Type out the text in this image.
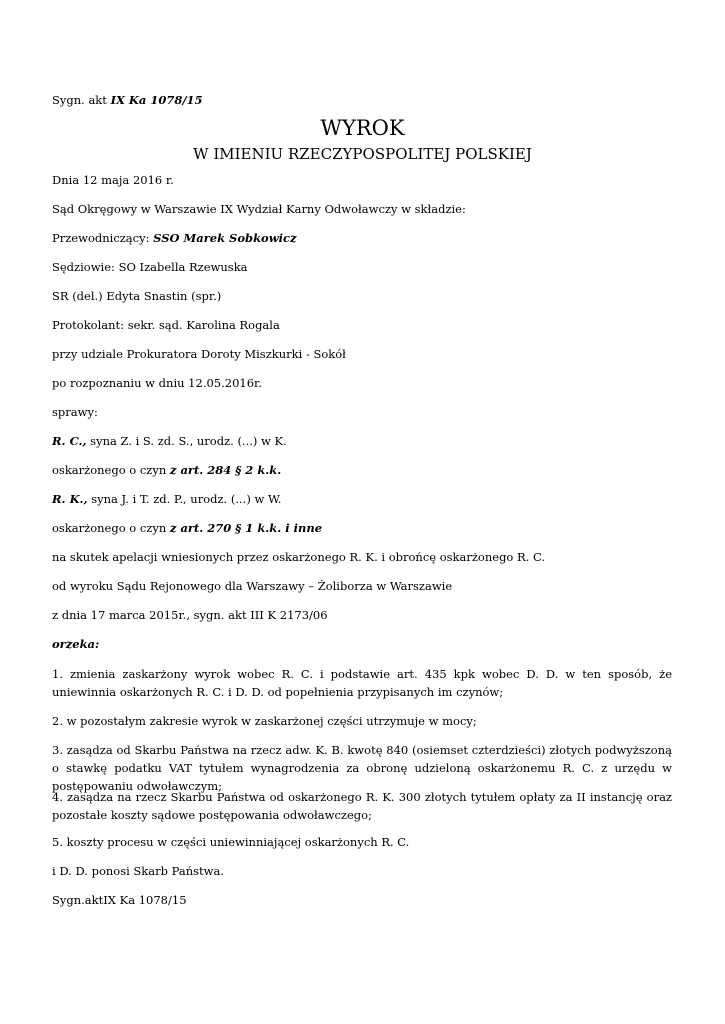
Sygn. akt IX Ka 1078/15
WYROK
W IMIENIU RZECZYPOSPOLITEJ POLSKIEJ
Dnia 12 maja 2016 r.
Sąd Okręgowy w Warszawie IX Wydział Karny Odwoławczy w składzie:
Przewodniczący: SSO Marek Sobkowicz
Sędziowie: SO Izabella Rzewuska
SR (del.) Edyta Snastin (spr.)
Protokolant: sekr. sąd. Karolina Rogala
przy udziale Prokuratora Doroty Miszkurki - Sokół
po rozpoznaniu w dniu 12.05.2016r.
sprawy:
R. C., syna Z. i S. zd. S., urodz. (...) w K.
oskarżonego o czyn z art. 284 § 2 k.k.
R. K., syna J. i T. zd. P., urodz. (...) w W.
oskarżonego o czyn z art. 270 § 1 k.k. i inne
na skutek apelacji wniesionych przez oskarżonego R. K. i obrońcę oskarżonego R. C.
od wyroku Sądu Rejonowego dla Warszawy – Żoliborza w Warszawie
z dnia 17 marca 2015r., sygn. akt III K 2173/06
orzeka:
1. zmienia zaskarżony wyrok wobec R. C. i podstawie art. 435 kpk wobec D. D. w ten sposób, że uniewinnia oskarżonych R. C. i D. D. od popełnienia przypisanych im czynów;
2. w pozostałym zakresie wyrok w zaskarżonej części utrzymuje w mocy;
3. zasądza od Skarbu Państwa na rzecz adw. K. B. kwotę 840 (osiemset czterdzieści) złotych podwyższoną o stawkę podatku VAT tytułem wynagrodzenia za obronę udzieloną oskarżonemu R. C. z urzędu w postępowaniu odwoławczym;
4. zasądza na rzecz Skarbu Państwa od oskarżonego R. K. 300 złotych tytułem opłaty za II instancję oraz pozostałe koszty sądowe postępowania odwoławczego;
5. koszty procesu w części uniewinniającej oskarżonych R. C.
i D. D. ponosi Skarb Państwa.
Sygn.aktIX Ka 1078/15
